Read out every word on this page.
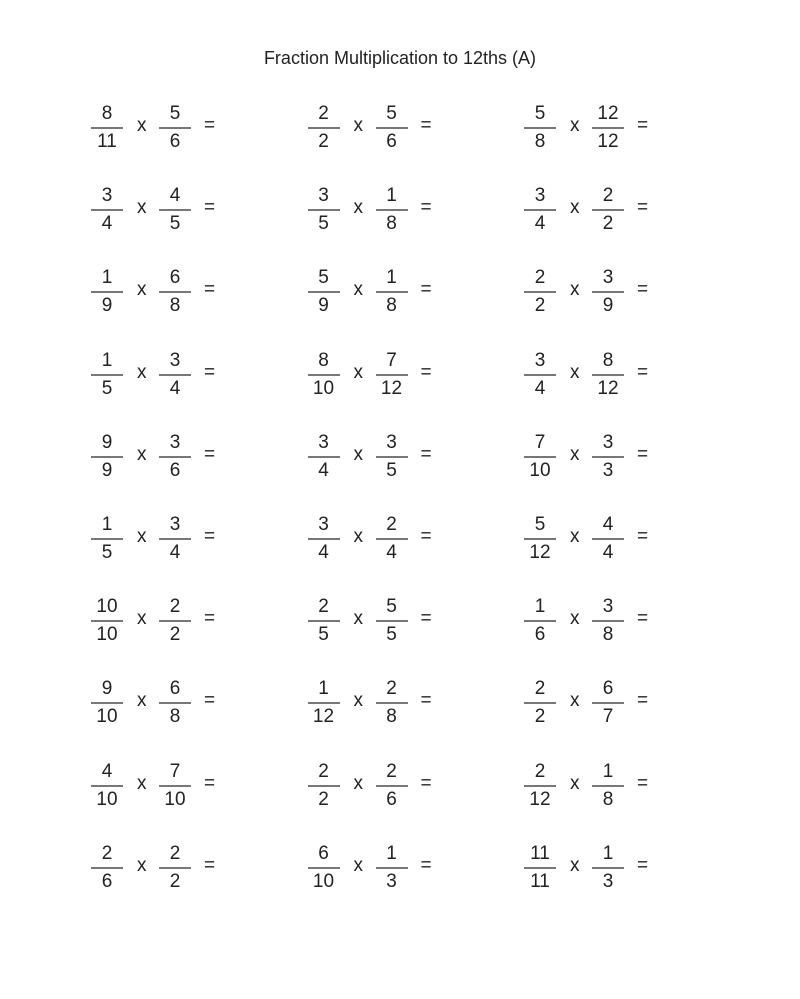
Fraction Multiplication to 12ths (A)
8
11
x
5
6
=
2
2
x
5
6
=
5
8
x
12
12
=
3
4
x
4
5
=
3
5
x
1
8
=
3
4
x
2
2
=
1
9
x
6
8
=
5
9
x
1
8
=
2
2
x
3
9
=
1
5
x
3
4
=
8
10
x
7
12
=
3
4
x
8
12
=
9
9
x
3
6
=
3
4
x
3
5
=
7
10
x
3
3
=
1
5
x
3
4
=
3
4
x
2
4
=
5
12
x
4
4
=
10
10
x
2
2
=
2
5
x
5
5
=
1
6
x
3
8
=
9
10
x
6
8
=
1
12
x
2
8
=
2
2
x
6
7
=
4
10
x
7
10
=
2
2
x
2
6
=
2
12
x
1
8
=
2
6
x
2
2
=
6
10
x
1
3
=
11
11
x
1
3
=
